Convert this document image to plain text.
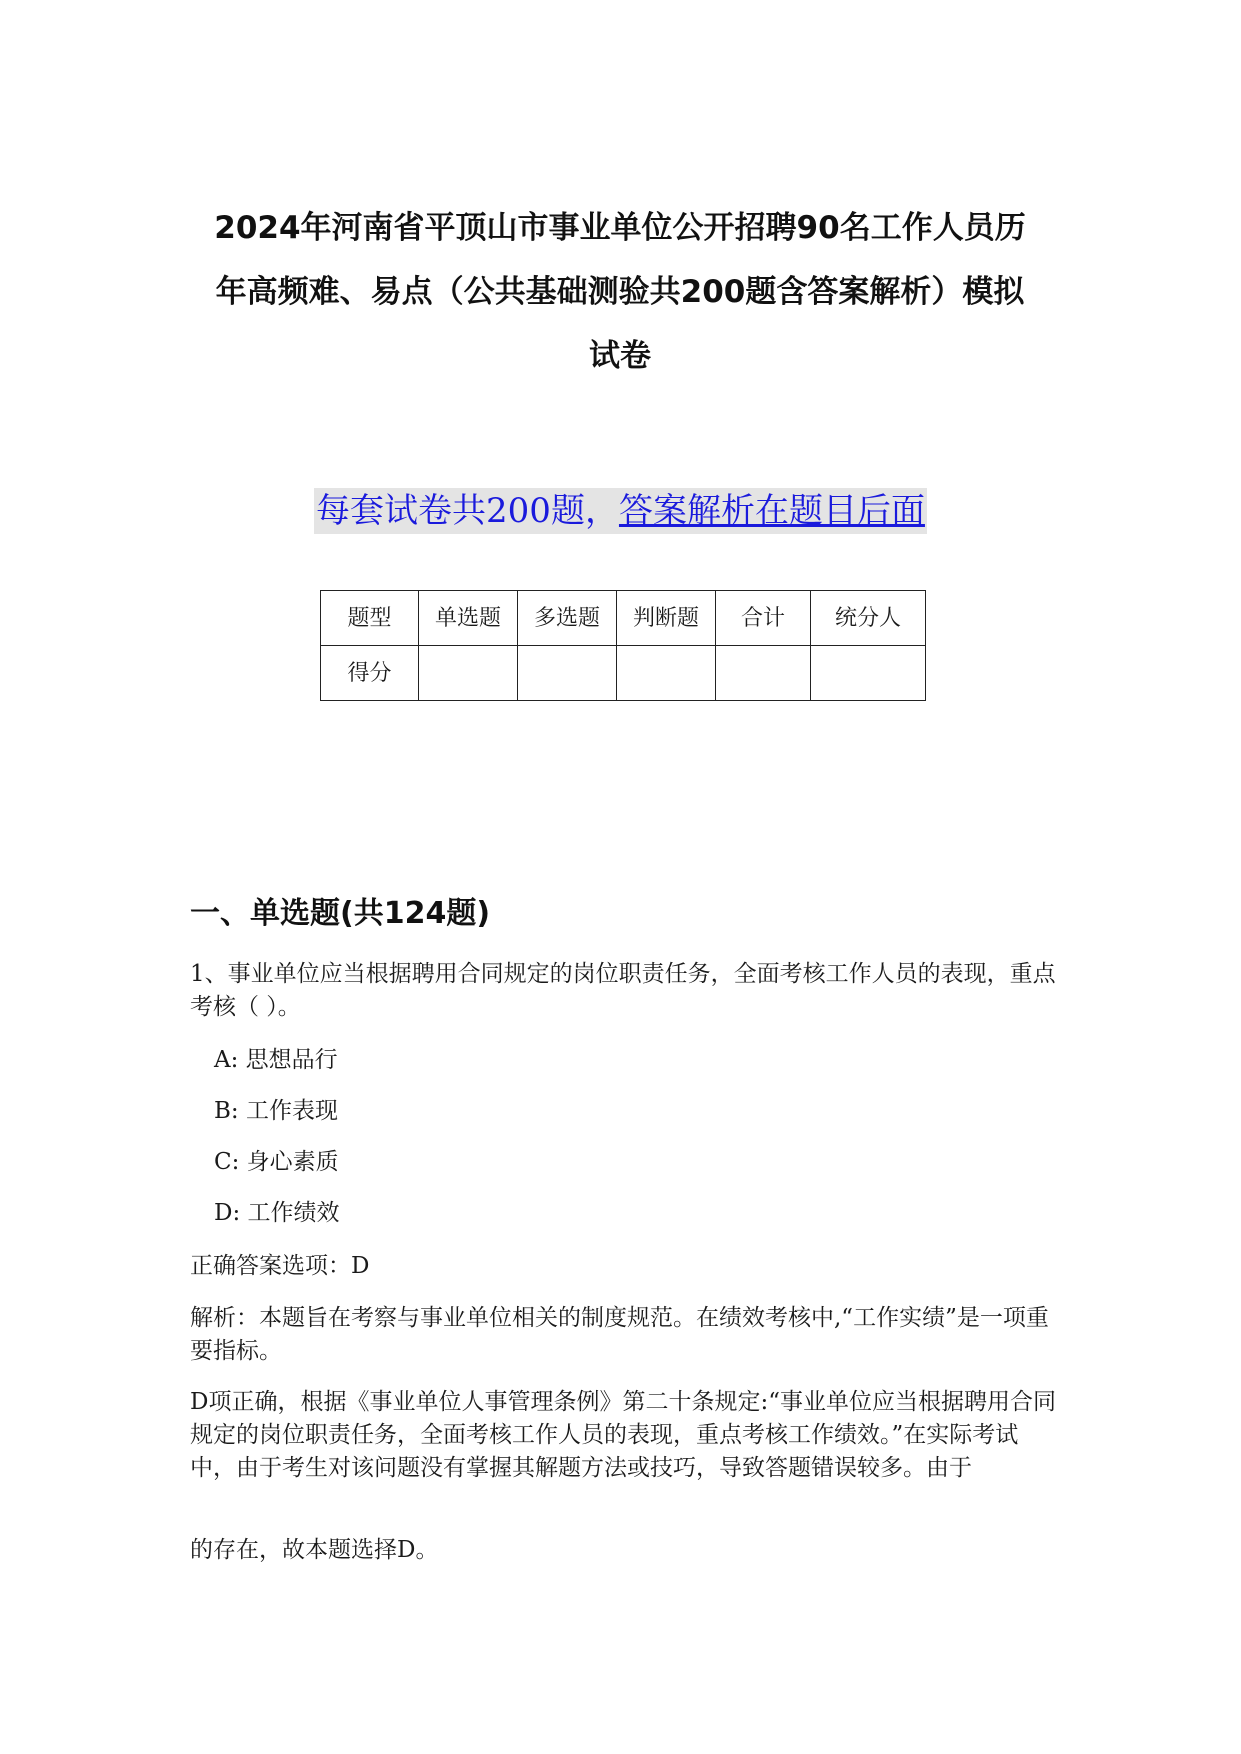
2024年河南省平顶山市事业单位公开招聘90名工作人员历
年高频难、易点（公共基础测验共200题含答案解析）模拟
试卷
每套试卷共200题，答案解析在题目后面
题型	单选题	多选题	判断题	合计	统分人
得分					
一、单选题(共124题)
1、事业单位应当根据聘用合同规定的岗位职责任务，全面考核工作人员的表现，重点考核（ ）。
A: 思想品行
B: 工作表现
C: 身心素质
D: 工作绩效
正确答案选项：D
解析：本题旨在考察与事业单位相关的制度规范。在绩效考核中,“工作实绩”是一项重要指标。
D项正确，根据《事业单位人事管理条例》第二十条规定:“事业单位应当根据聘用合同规定的岗位职责任务，全面考核工作人员的表现，重点考核工作绩效。”在实际考试中，由于考生对该问题没有掌握其解题方法或技巧，导致答题错误较多。由于
的存在，故本题选择D。
